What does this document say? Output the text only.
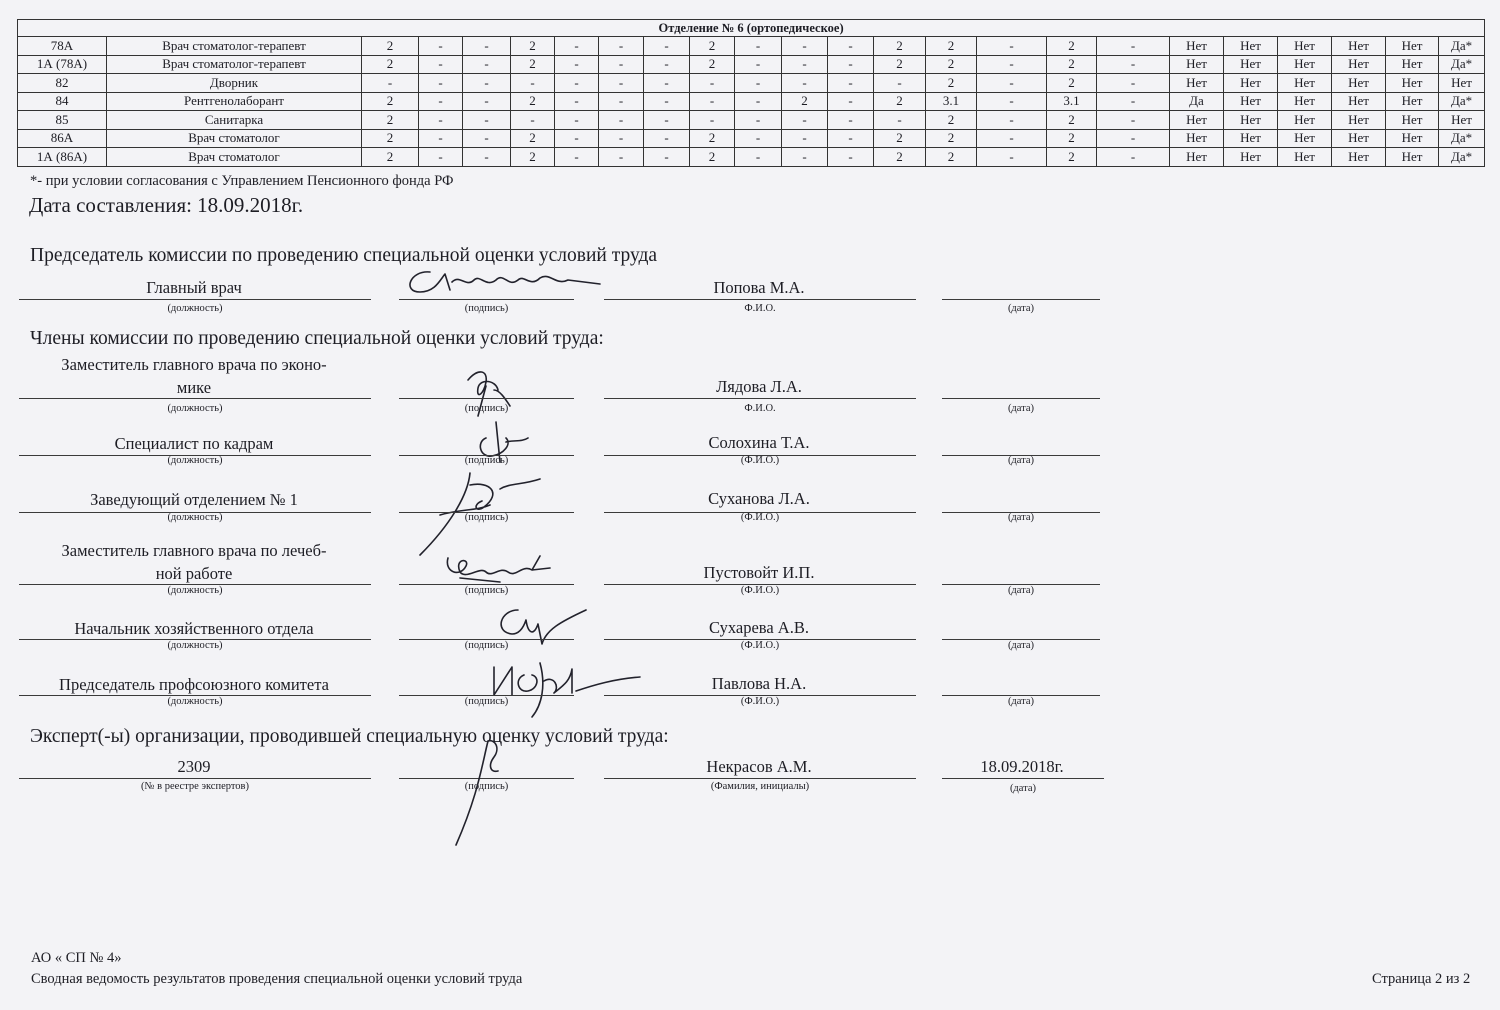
Отделение № 6 (ортопедическое)																							
78А	Врач стоматолог-терапевт	2	-	-	2	-	-	-	2	-	-	-	2	2	-	2	-	Нет	Нет	Нет	Нет	Нет	Да*
1А (78А)	Врач стоматолог-терапевт	2	-	-	2	-	-	-	2	-	-	-	2	2	-	2	-	Нет	Нет	Нет	Нет	Нет	Да*
82	Дворник	-	-	-	-	-	-	-	-	-	-	-	-	2	-	2	-	Нет	Нет	Нет	Нет	Нет	Нет
84	Рентгенолаборант	2	-	-	2	-	-	-	-	-	2	-	2	3.1	-	3.1	-	Да	Нет	Нет	Нет	Нет	Да*
85	Санитарка	2	-	-	-	-	-	-	-	-	-	-	-	2	-	2	-	Нет	Нет	Нет	Нет	Нет	Нет
86А	Врач стоматолог	2	-	-	2	-	-	-	2	-	-	-	2	2	-	2	-	Нет	Нет	Нет	Нет	Нет	Да*
1А (86А)	Врач стоматолог	2	-	-	2	-	-	-	2	-	-	-	2	2	-	2	-	Нет	Нет	Нет	Нет	Нет	Да*
*- при условии согласования с Управлением Пенсионного фонда РФ
Дата составления: 18.09.2018г.
Председатель комиссии по проведению специальной оценки условий труда
Главный врач
(должность)	(подпись)
Попова М.А.
Ф.И.О.	(дата)
Члены комиссии по проведению специальной оценки условий труда:
Заместитель главного врача по эконо-
мике	Лядова Л.А.
Специалист по кадрам	Солохина Т.А.
Заведующий отделением № 1	Суханова Л.А.
Заместитель главного врача по лечеб-
ной работе	Пустовойт И.П.
Начальник хозяйственного отдела	Сухарева А.В.
Председатель профсоюзного комитета	Павлова Н.А.
Эксперт(-ы) организации, проводившей специальную оценку условий труда:
2309
(№ в реестре экспертов)	(подпись)
Некрасов А.М.
(Фамилия, инициалы)
18.09.2018г.
(дата)
АО « СП № 4»
Сводная ведомость результатов проведения специальной оценки условий труда	Страница 2 из 2
(должность)	(подпись)	Ф.И.О.	(дата)
(должность)	(подпись)	(Ф.И.О.)	(дата)
(должность)	(подпись)	(Ф.И.О.)	(дата)
(должность)	(подпись)	(Ф.И.О.)	(дата)
(должность)	(подпись)	(Ф.И.О.)	(дата)
(должность)	(подпись)	(Ф.И.О.)	(дата)
